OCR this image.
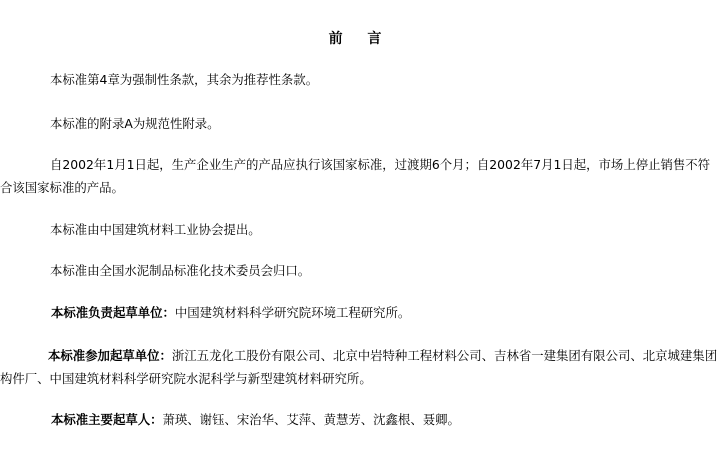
前 言
本标准第4章为强制性条款，其余为推荐性条款。
本标准的附录A为规范性附录。
自2002年1月1日起，生产企业生产的产品应执行该国家标准，过渡期6个月；自2002年7月1日起，市场上停止销售不符合该国家标准的产品。
本标准由中国建筑材料工业协会提出。
本标准由全国水泥制品标准化技术委员会归口。
本标准负责起草单位：中国建筑材料科学研究院环境工程研究所。
本标准参加起草单位：浙江五龙化工股份有限公司、北京中岩特种工程材料公司、吉林省一建集团有限公司、北京城建集团构件厂、中国建筑材料科学研究院水泥科学与新型建筑材料研究所。
本标准主要起草人：萧瑛、谢钰、宋治华、艾萍、黄慧芳、沈鑫根、聂卿。
